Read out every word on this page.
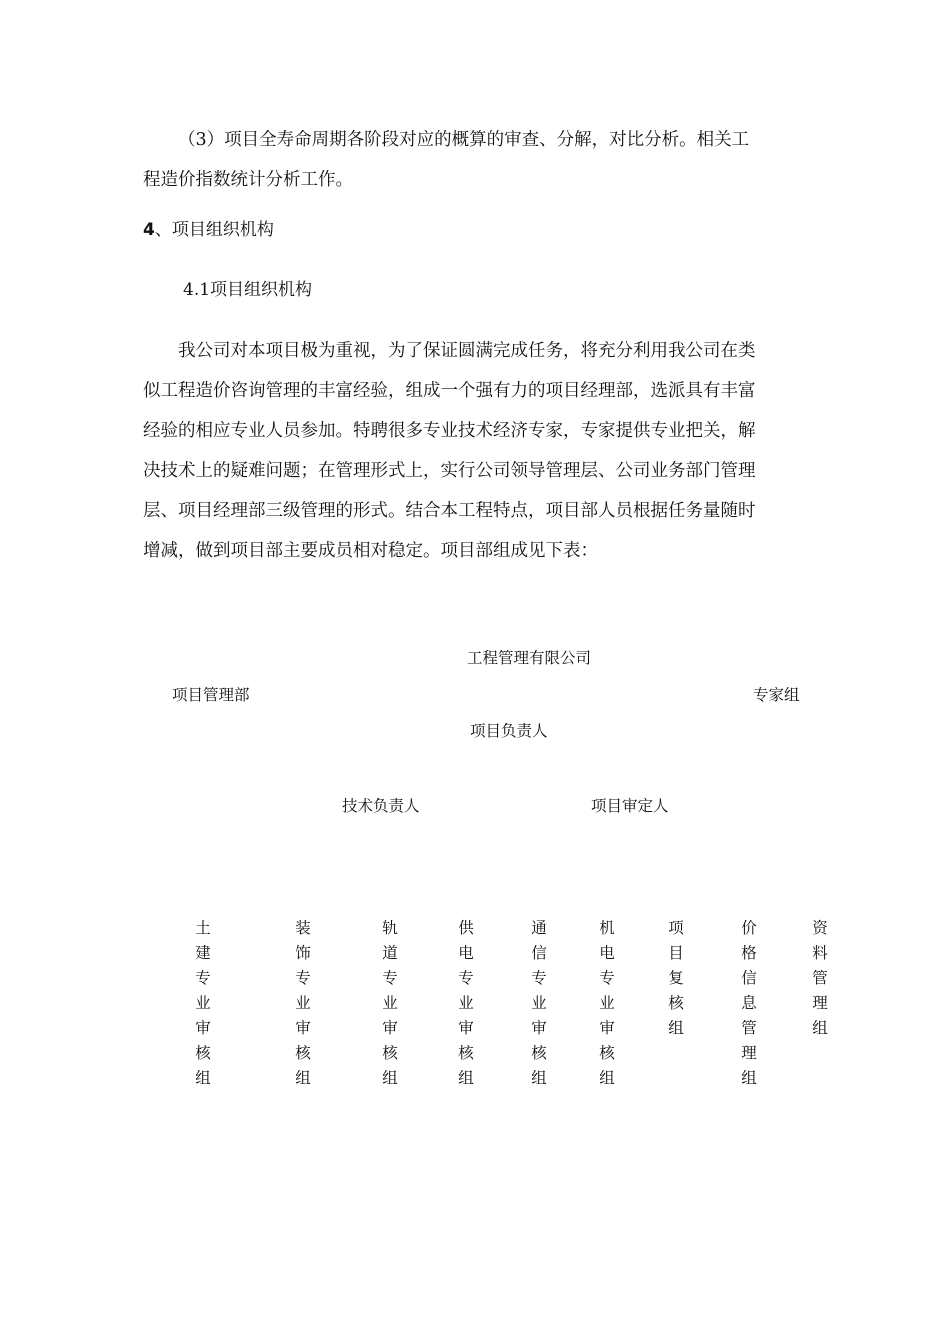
（3）项目全寿命周期各阶段对应的概算的审查、分解，对比分析。相关工
程造价指数统计分析工作。

4、项目组织机构
4.1项目组织机构

我公司对本项目极为重视，为了保证圆满完成任务，将充分利用我公司在类
似工程造价咨询管理的丰富经验，组成一个强有力的项目经理部，选派具有丰富
经验的相应专业人员参加。特聘很多专业技术经济专家，专家提供专业把关，解
决技术上的疑难问题；在管理形式上，实行公司领导管理层、公司业务部门管理
层、项目经理部三级管理的形式。结合本工程特点，项目部人员根据任务量随时
增减，做到项目部主要成员相对稳定。项目部组成见下表：

工程管理有限公司
项目管理部	专家组
项目负责人
技术负责人	项目审定人
土
建
专
业
审
核
组
装
饰
专
业
审
核
组
轨
道
专
业
审
核
组
供
电
专
业
审
核
组
通
信
专
业
审
核
组
机
电
专
业
审
核
组
项
目
复
核
组
价
格
信
息
管
理
组
资
料
管
理
组
